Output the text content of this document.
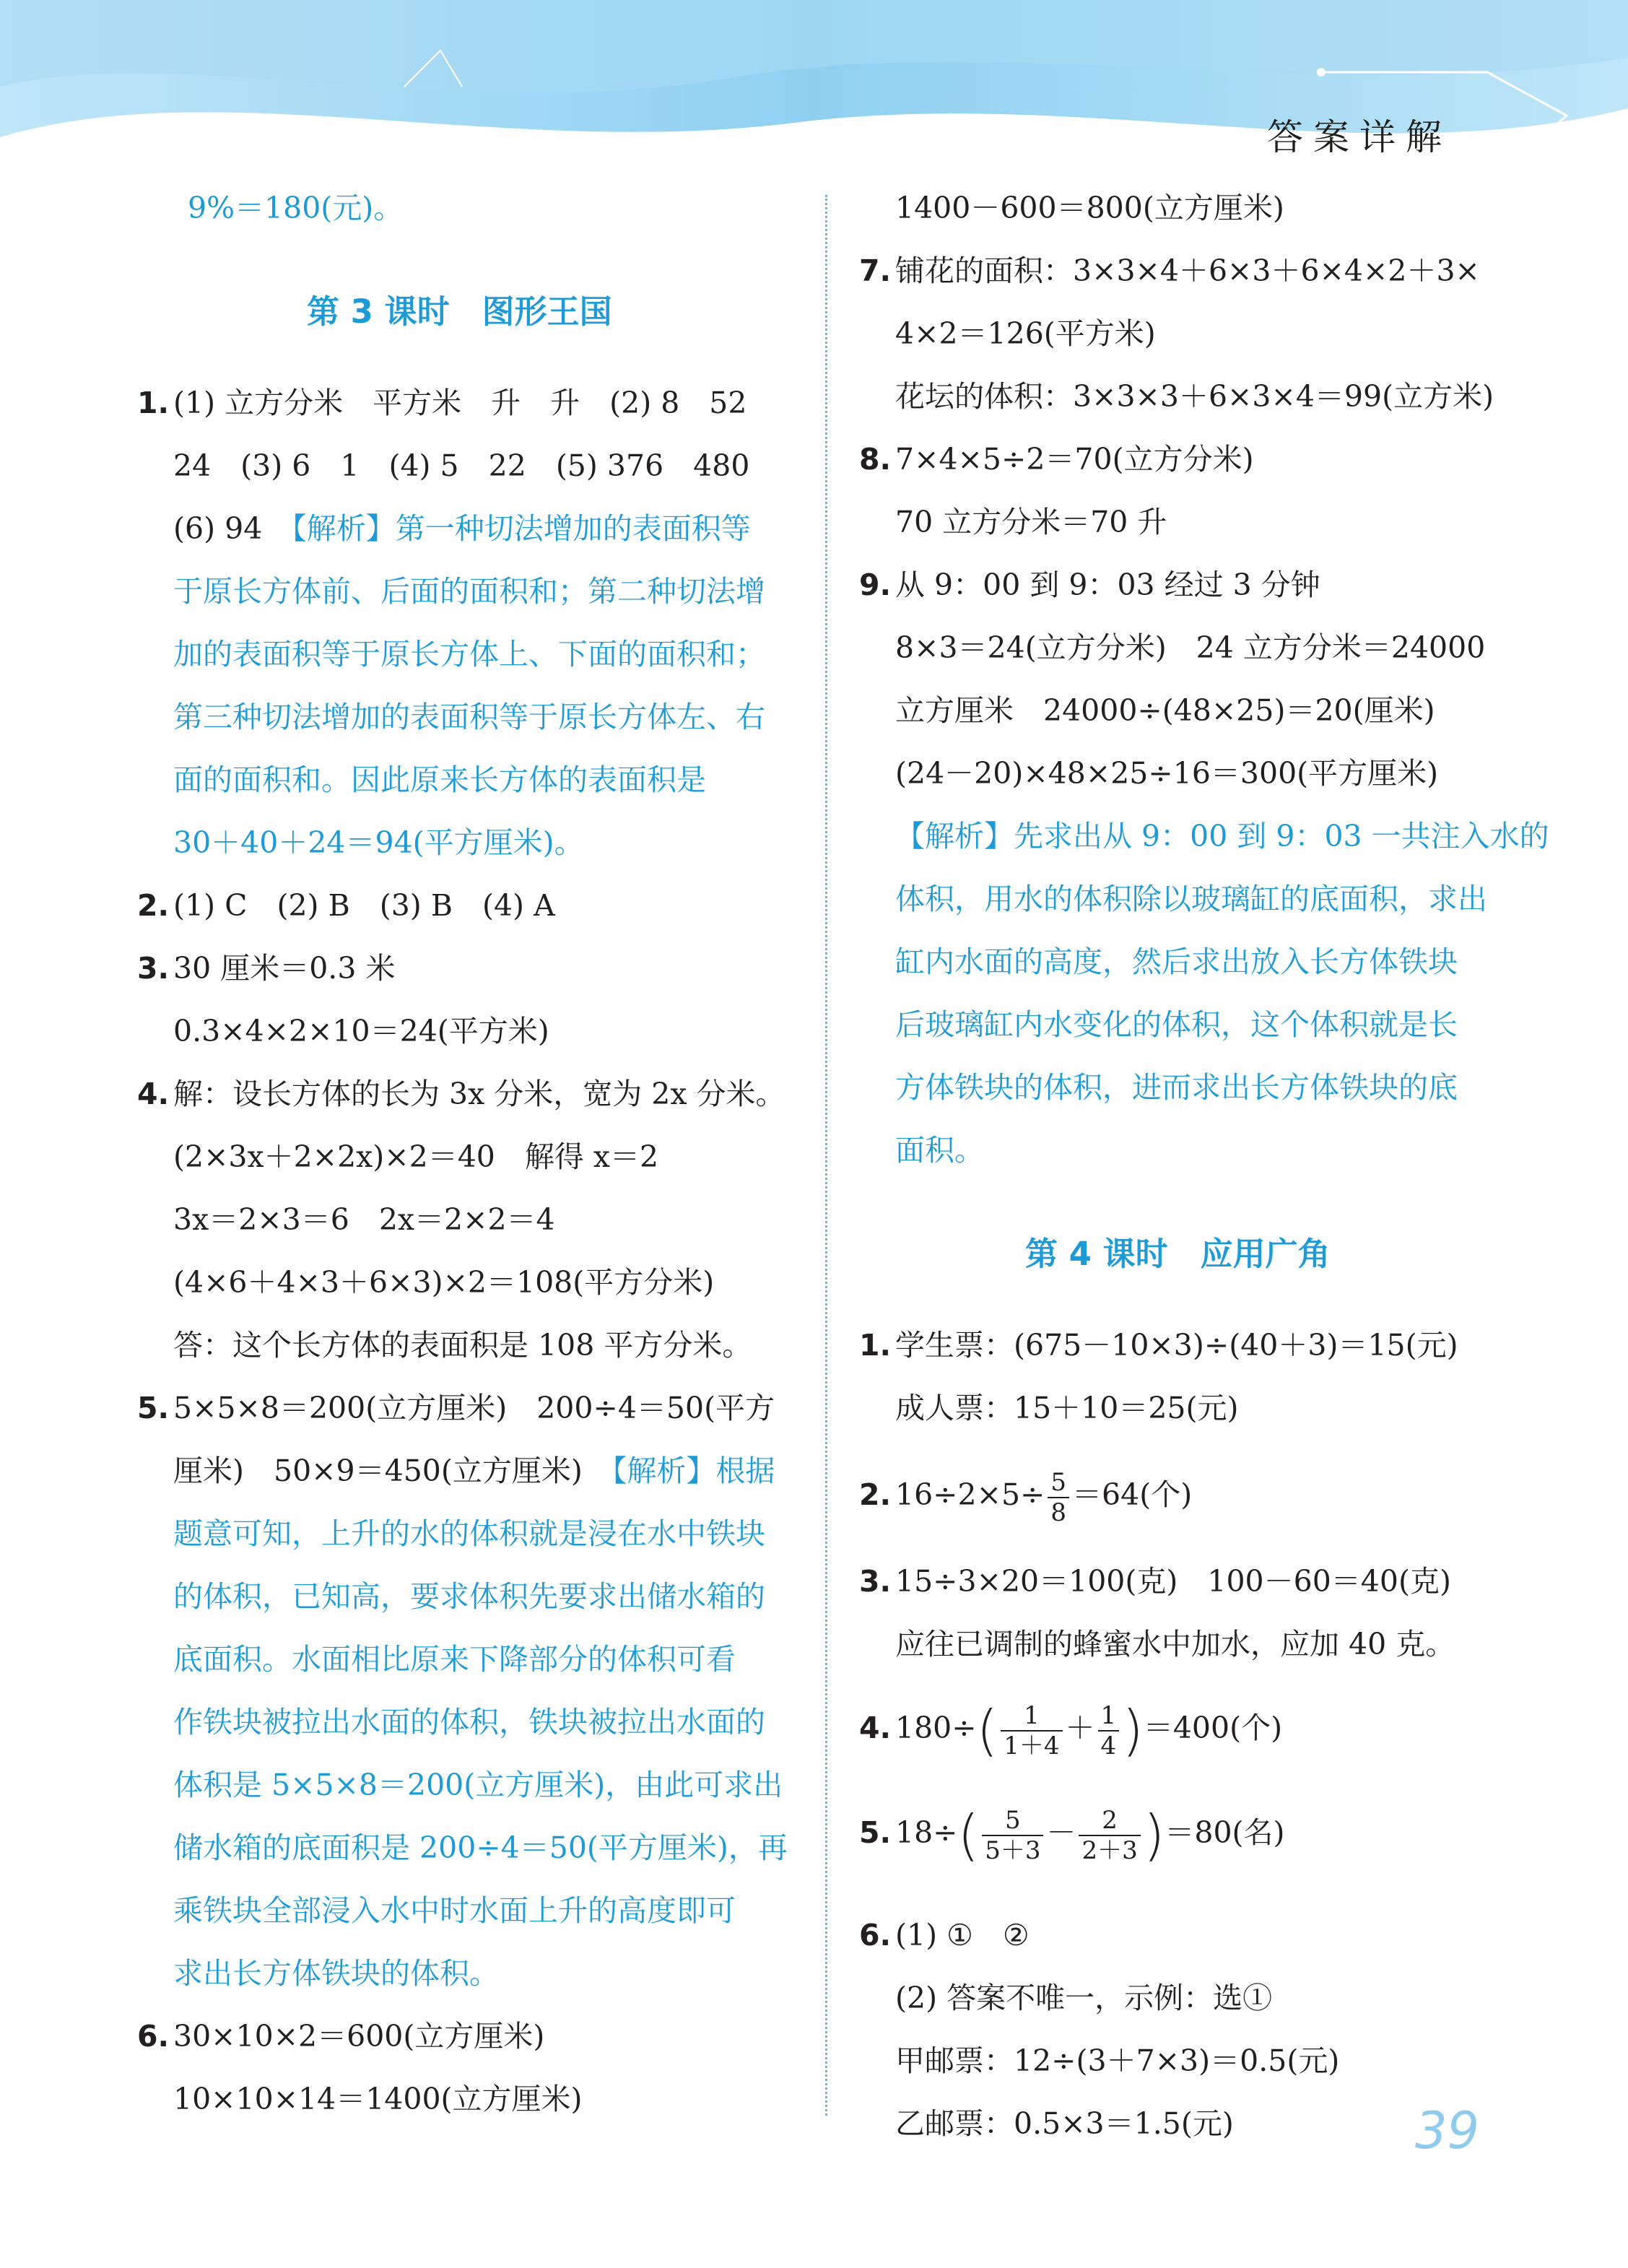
答案详解
9%＝180(元)。
第 3 课时　图形王国
1. (1) 立方分米　平方米　升　升　(2) 8　52
24　(3) 6　1　(4) 5　22　(5) 376　480
(6) 94　【解析】第一种切法增加的表面积等
于原长方体前、后面的面积和；第二种切法增
加的表面积等于原长方体上、下面的面积和；
第三种切法增加的表面积等于原长方体左、右
面的面积和。因此原来长方体的表面积是
30＋40＋24＝94(平方厘米)。
2. (1) C　(2) B　(3) B　(4) A
3. 30 厘米＝0.3 米
0.3×4×2×10＝24(平方米)
4. 解：设长方体的长为 3x 分米，宽为 2x 分米。
(2×3x＋2×2x)×2＝40　解得 x＝2
3x＝2×3＝6　2x＝2×2＝4
(4×6＋4×3＋6×3)×2＝108(平方分米)
答：这个长方体的表面积是 108 平方分米。
5. 5×5×8＝200(立方厘米)　200÷4＝50(平方
厘米)　50×9＝450(立方厘米)　【解析】根据
题意可知，上升的水的体积就是浸在水中铁块
的体积，已知高，要求体积先要求出储水箱的
底面积。水面相比原来下降部分的体积可看
作铁块被拉出水面的体积，铁块被拉出水面的
体积是 5×5×8＝200(立方厘米)，由此可求出
储水箱的底面积是 200÷4＝50(平方厘米)，再
乘铁块全部浸入水中时水面上升的高度即可
求出长方体铁块的体积。
6. 30×10×2＝600(立方厘米)
10×10×14＝1400(立方厘米)
1400－600＝800(立方厘米)
7. 铺花的面积：3×3×4＋6×3＋6×4×2＋3×
4×2＝126(平方米)
花坛的体积：3×3×3＋6×3×4＝99(立方米)
8. 7×4×5÷2＝70(立方分米)
70 立方分米＝70 升
9. 从 9：00 到 9：03 经过 3 分钟
8×3＝24(立方分米)　24 立方分米＝24000
立方厘米　24000÷(48×25)＝20(厘米)
(24－20)×48×25÷16＝300(平方厘米)
【解析】先求出从 9：00 到 9：03 一共注入水的
体积，用水的体积除以玻璃缸的底面积，求出
缸内水面的高度，然后求出放入长方体铁块
后玻璃缸内水变化的体积，这个体积就是长
方体铁块的体积，进而求出长方体铁块的底
面积。
第 4 课时　应用广角
1. 学生票：(675－10×3)÷(40＋3)＝15(元)
成人票：15＋10＝25(元)
2. $16\div 2\times 5\div \frac{5}{8} =64$(个)
3. 15÷3×20＝100(克)　100－60＝40(克)
应往已调制的蜂蜜水中加水，应加 40 克。
4. $180\div( \frac{1}{1+4} + \frac{1}{4} )=400$(个)
5. $18\div( \frac{5}{5+3} - \frac{2}{2+3} )=80$(名)
6. (1) ①　②
(2) 答案不唯一，示例：选①
甲邮票：12÷(3＋7×3)＝0.5(元)
乙邮票：0.5×3＝1.5(元)	39
